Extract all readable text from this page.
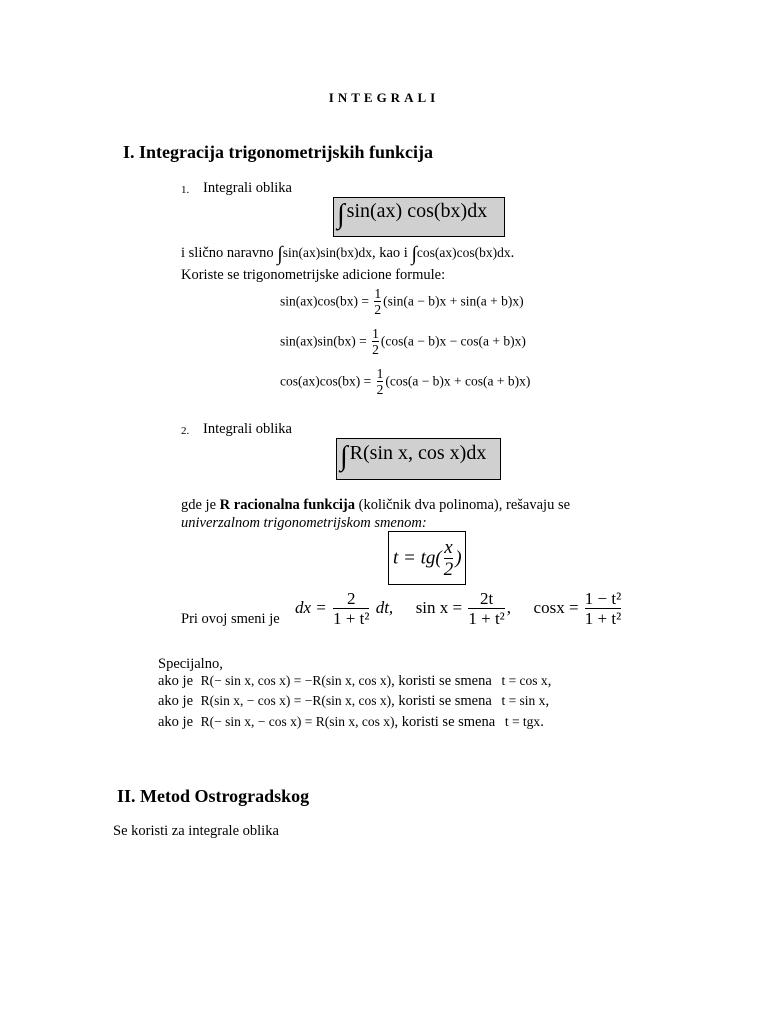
INTEGRALI
I. Integracija trigonometrijskih funkcija
1. Integrali oblika
∫ sin(ax) cos(bx)dx
i slično naravno ∫sin(ax)sin(bx)dx, kao i ∫cos(ax)cos(bx)dx.
Koriste se trigonometrijske adicione formule:
$\sin(ax)\cos(bx) = \frac{1}{2} (\sin(a - b)x + \sin(a + b)x)$
$\sin(ax)\sin(bx) = \frac{1}{2} (\cos(a - b)x - \cos(a + b)x)$
$\cos(ax)\cos(bx) = \frac{1}{2} (\cos(a - b)x + \cos(a + b)x)$
2. Integrali oblika
∫ R(sin x, cos x)dx
gde je R racionalna funkcija (količnik dva polinoma), rešavaju se
univerzalnom trigonometrijskom smenom:
$t = tg( \frac{x}{2}$ )
Pri ovoj smeni je
dx = $\frac{2}{\text{1 + t²}}$ dt, $\sin x = \frac{2t}{\text{1 + t²}}$ , $\cos x = \frac{\text{1 − t²}}{\text{1 + t²}}$
Specijalno,
ako je R(− sin x, cos x) = −R(sin x, cos x), koristi se smena t = cos x,
ako je R(sin x, − cos x) = −R(sin x, cos x), koristi se smena t = sin x,
ako je R(− sin x, − cos x) = R(sin x, cos x), koristi se smena t = tgx.
II. Metod Ostrogradskog
Se koristi za integrale oblika
